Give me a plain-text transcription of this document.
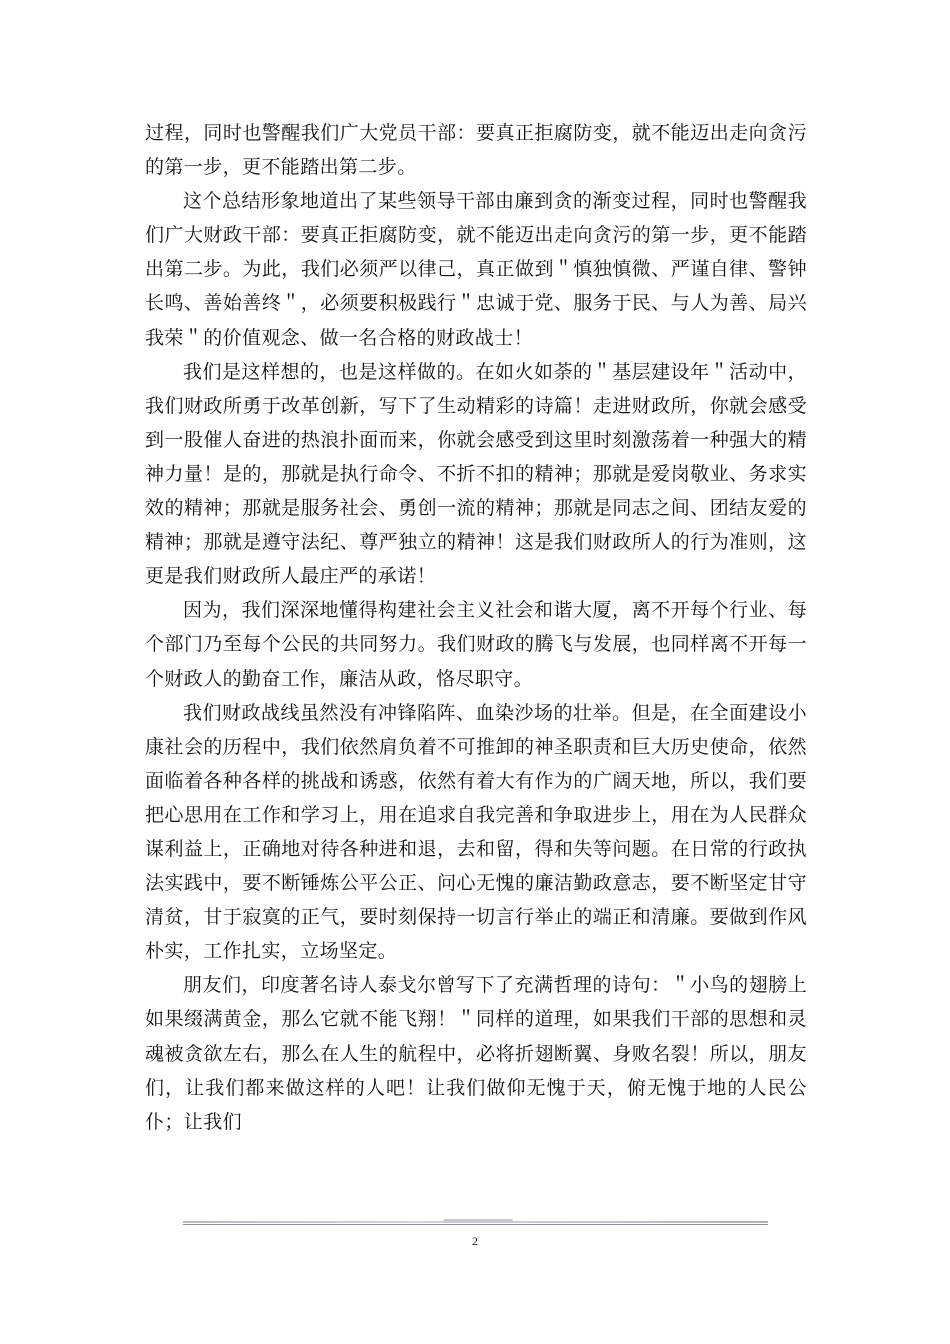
过程，同时也警醒我们广大党员干部：要真正拒腐防变，就不能迈出走向贪污的第一步，更不能踏出第二步。

这个总结形象地道出了某些领导干部由廉到贪的渐变过程，同时也警醒我们广大财政干部：要真正拒腐防变，就不能迈出走向贪污的第一步，更不能踏出第二步。为此，我们必须严以律己，真正做到＂慎独慎微、严谨自律、警钟长鸣、善始善终＂，必须要积极践行＂忠诚于党、服务于民、与人为善、局兴我荣＂的价值观念、做一名合格的财政战士！

我们是这样想的，也是这样做的。在如火如荼的＂基层建设年＂活动中，我们财政所勇于改革创新，写下了生动精彩的诗篇！走进财政所，你就会感受到一股催人奋进的热浪扑面而来，你就会感受到这里时刻激荡着一种强大的精神力量！是的，那就是执行命令、不折不扣的精神；那就是爱岗敬业、务求实效的精神；那就是服务社会、勇创一流的精神；那就是同志之间、团结友爱的精神；那就是遵守法纪、尊严独立的精神！这是我们财政所人的行为准则，这更是我们财政所人最庄严的承诺！

因为，我们深深地懂得构建社会主义社会和谐大厦，离不开每个行业、每个部门乃至每个公民的共同努力。我们财政的腾飞与发展，也同样离不开每一个财政人的勤奋工作，廉洁从政，恪尽职守。

我们财政战线虽然没有冲锋陷阵、血染沙场的壮举。但是，在全面建设小康社会的历程中，我们依然肩负着不可推卸的神圣职责和巨大历史使命，依然面临着各种各样的挑战和诱惑，依然有着大有作为的广阔天地，所以，我们要把心思用在工作和学习上，用在追求自我完善和争取进步上，用在为人民群众谋利益上，正确地对待各种进和退，去和留，得和失等问题。在日常的行政执法实践中，要不断锤炼公平公正、问心无愧的廉洁勤政意志，要不断坚定甘守清贫，甘于寂寞的正气，要时刻保持一切言行举止的端正和清廉。要做到作风朴实，工作扎实，立场坚定。

朋友们，印度著名诗人泰戈尔曾写下了充满哲理的诗句：＂小鸟的翅膀上如果缀满黄金，那么它就不能飞翔！＂同样的道理，如果我们干部的思想和灵魂被贪欲左右，那么在人生的航程中，必将折翅断翼、身败名裂！所以，朋友们，让我们都来做这样的人吧！让我们做仰无愧于天，俯无愧于地的人民公仆；让我们

2
